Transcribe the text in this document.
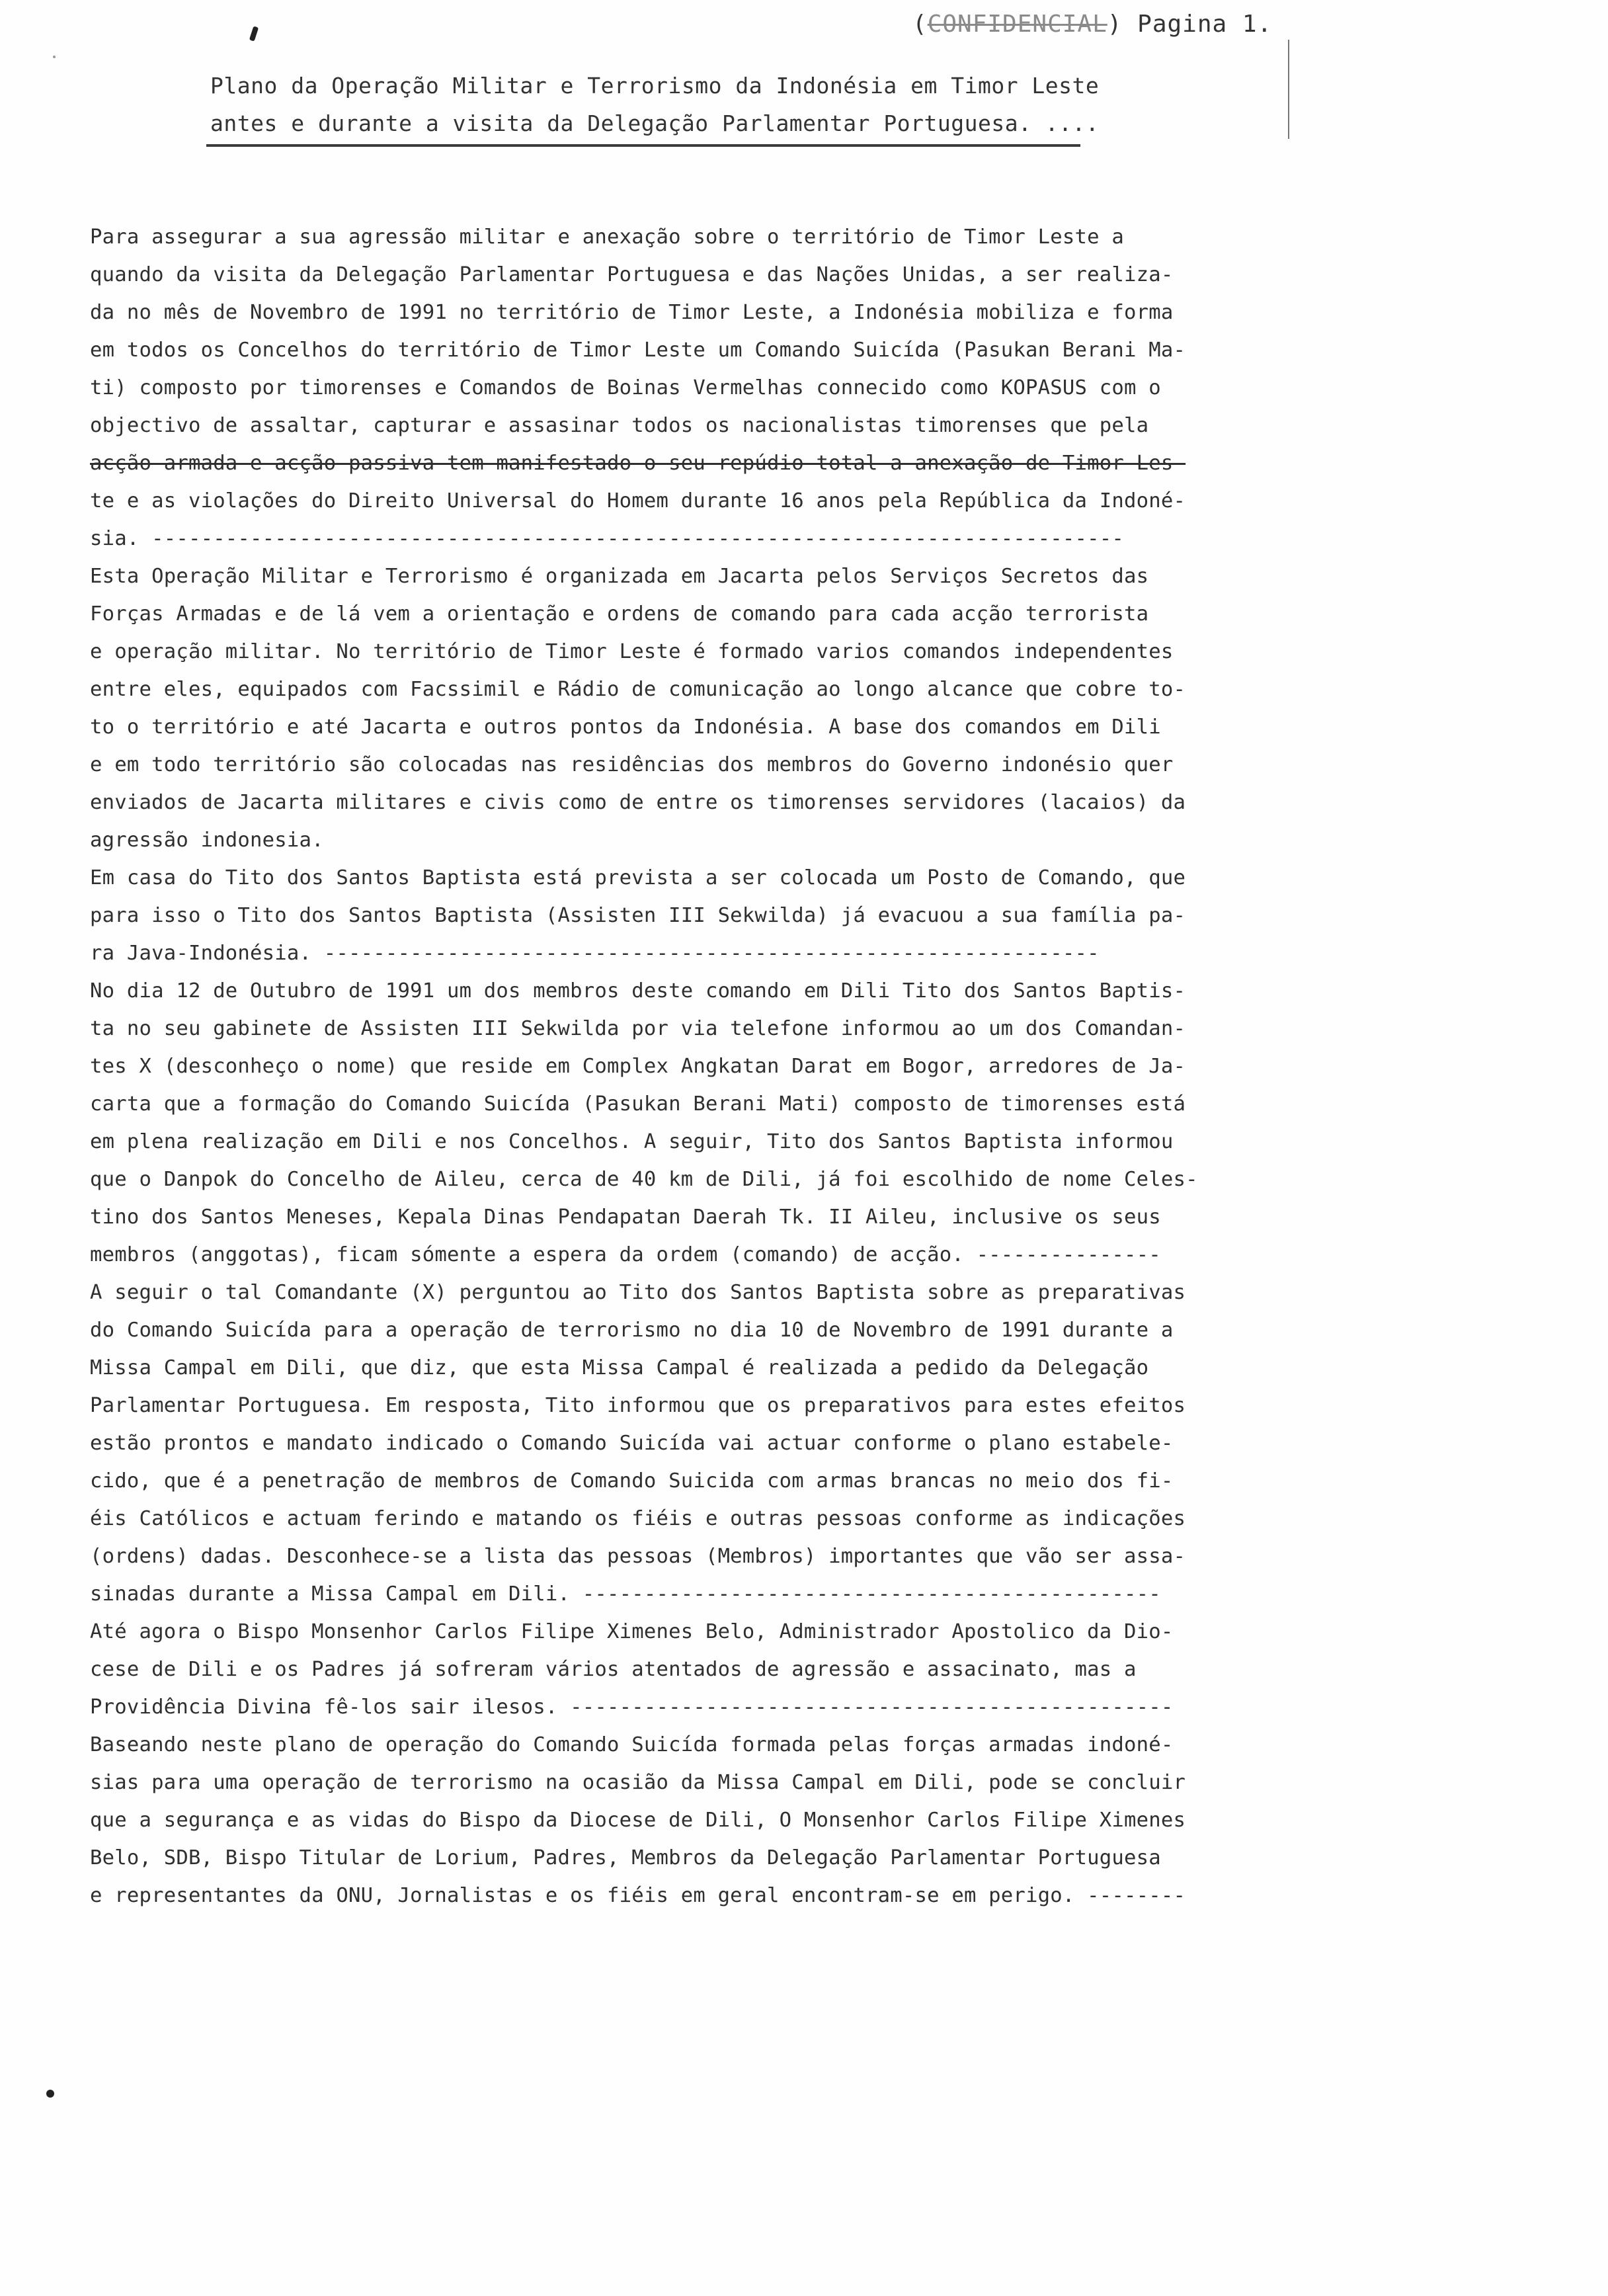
(CONFIDENCIAL) Pagina 1.
Plano da Operação Militar e Terrorismo da Indonésia em Timor Leste
antes e durante a visita da Delegação Parlamentar Portuguesa. ....
Para assegurar a sua agressão militar e anexação sobre o território de Timor Leste a
quando da visita da Delegação Parlamentar Portuguesa e das Nações Unidas, a ser realiza-
da no mês de Novembro de 1991 no território de Timor Leste, a Indonésia mobiliza e forma
em todos os Concelhos do território de Timor Leste um Comando Suicída (Pasukan Berani Ma-
ti) composto por timorenses e Comandos de Boinas Vermelhas connecido como KOPASUS com o
objectivo de assaltar, capturar e assasinar todos os nacionalistas timorenses que pela
acção armada e acção passiva tem manifestado o seu repúdio total a anexação de Timor Les-
te e as violações do Direito Universal do Homem durante 16 anos pela República da Indoné-
sia. -------------------------------------------------------------------------------
Esta Operação Militar e Terrorismo é organizada em Jacarta pelos Serviços Secretos das
Forças Armadas e de lá vem a orientação e ordens de comando para cada acção terrorista
e operação militar. No território de Timor Leste é formado varios comandos independentes
entre eles, equipados com Facssimil e Rádio de comunicação ao longo alcance que cobre to-
to o território e até Jacarta e outros pontos da Indonésia. A base dos comandos em Dili
e em todo território são colocadas nas residências dos membros do Governo indonésio quer
enviados de Jacarta militares e civis como de entre os timorenses servidores (lacaios) da
agressão indonesia.
Em casa do Tito dos Santos Baptista está prevista a ser colocada um Posto de Comando, que
para isso o Tito dos Santos Baptista (Assisten III Sekwilda) já evacuou a sua família pa-
ra Java-Indonésia. ---------------------------------------------------------------
No dia 12 de Outubro de 1991 um dos membros deste comando em Dili Tito dos Santos Baptis-
ta no seu gabinete de Assisten III Sekwilda por via telefone informou ao um dos Comandan-
tes X (desconheço o nome) que reside em Complex Angkatan Darat em Bogor, arredores de Ja-
carta que a formação do Comando Suicída (Pasukan Berani Mati) composto de timorenses está
em plena realização em Dili e nos Concelhos. A seguir, Tito dos Santos Baptista informou
que o Danpok do Concelho de Aileu, cerca de 40 km de Dili, já foi escolhido de nome Celes-
tino dos Santos Meneses, Kepala Dinas Pendapatan Daerah Tk. II Aileu, inclusive os seus
membros (anggotas), ficam sómente a espera da ordem (comando) de acção. ---------------
A seguir o tal Comandante (X) perguntou ao Tito dos Santos Baptista sobre as preparativas
do Comando Suicída para a operação de terrorismo no dia 10 de Novembro de 1991 durante a
Missa Campal em Dili, que diz, que esta Missa Campal é realizada a pedido da Delegação
Parlamentar Portuguesa. Em resposta, Tito informou que os preparativos para estes efeitos
estão prontos e mandato indicado o Comando Suicída vai actuar conforme o plano estabele-
cido, que é a penetração de membros de Comando Suicida com armas brancas no meio dos fi-
éis Católicos e actuam ferindo e matando os fiéis e outras pessoas conforme as indicações
(ordens) dadas. Desconhece-se a lista das pessoas (Membros) importantes que vão ser assa-
sinadas durante a Missa Campal em Dili. -----------------------------------------------
Até agora o Bispo Monsenhor Carlos Filipe Ximenes Belo, Administrador Apostolico da Dio-
cese de Dili e os Padres já sofreram vários atentados de agressão e assacinato, mas a
Providência Divina fê-los sair ilesos. -------------------------------------------------
Baseando neste plano de operação do Comando Suicída formada pelas forças armadas indoné-
sias para uma operação de terrorismo na ocasião da Missa Campal em Dili, pode se concluir
que a segurança e as vidas do Bispo da Diocese de Dili, O Monsenhor Carlos Filipe Ximenes
Belo, SDB, Bispo Titular de Lorium, Padres, Membros da Delegação Parlamentar Portuguesa
e representantes da ONU, Jornalistas e os fiéis em geral encontram-se em perigo. --------
